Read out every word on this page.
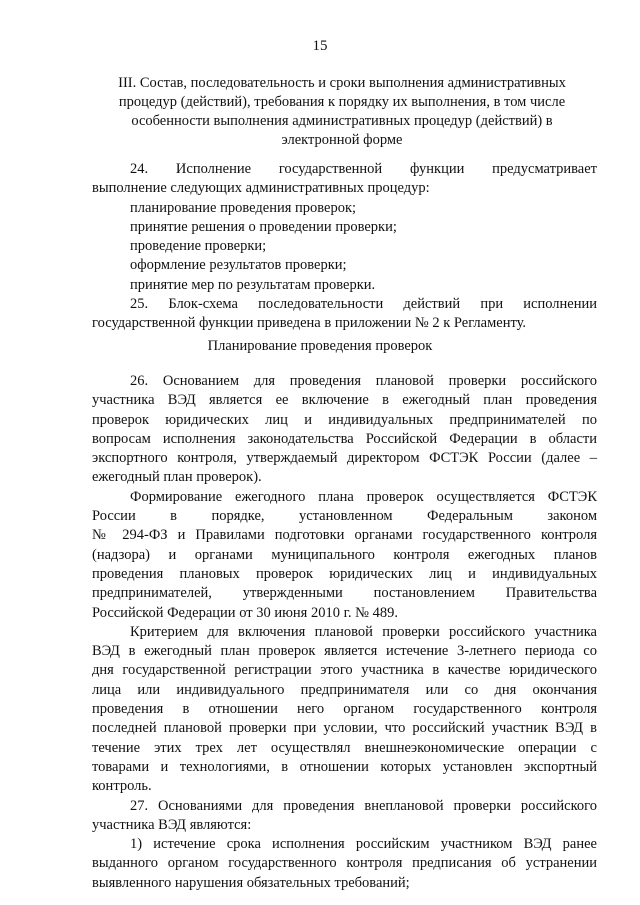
15
III. Состав, последовательность и сроки выполнения административных
процедур (действий), требования к порядку их выполнения, в том числе
особенности выполнения административных процедур (действий) в
электронной форме
24. Исполнение государственной функции предусматривает
выполнение следующих административных процедур:
планирование проведения проверок;
принятие решения о проведении проверки;
проведение проверки;
оформление результатов проверки;
принятие мер по результатам проверки.
25. Блок-схема последовательности действий при исполнении
государственной функции приведена в приложении № 2 к Регламенту.
Планирование проведения проверок
26. Основанием для проведения плановой проверки российского
участника ВЭД является ее включение в ежегодный план проведения
проверок юридических лиц и индивидуальных предпринимателей по
вопросам исполнения законодательства Российской Федерации в области
экспортного контроля, утверждаемый директором ФСТЭК России (далее –
ежегодный план проверок).
Формирование ежегодного плана проверок осуществляется ФСТЭК
России в порядке, установленном Федеральным законом
№ 294-ФЗ и Правилами подготовки органами государственного контроля
(надзора) и органами муниципального контроля ежегодных планов
проведения плановых проверок юридических лиц и индивидуальных
предпринимателей, утвержденными постановлением Правительства
Российской Федерации от 30 июня 2010 г. № 489.
Критерием для включения плановой проверки российского участника
ВЭД в ежегодный план проверок является истечение 3-летнего периода со
дня государственной регистрации этого участника в качестве юридического
лица или индивидуального предпринимателя или со дня окончания
проведения в отношении него органом государственного контроля
последней плановой проверки при условии, что российский участник ВЭД в
течение этих трех лет осуществлял внешнеэкономические операции с
товарами и технологиями, в отношении которых установлен экспортный
контроль.
27. Основаниями для проведения внеплановой проверки российского
участника ВЭД являются:
1) истечение срока исполнения российским участником ВЭД ранее
выданного органом государственного контроля предписания об устранении
выявленного нарушения обязательных требований;
